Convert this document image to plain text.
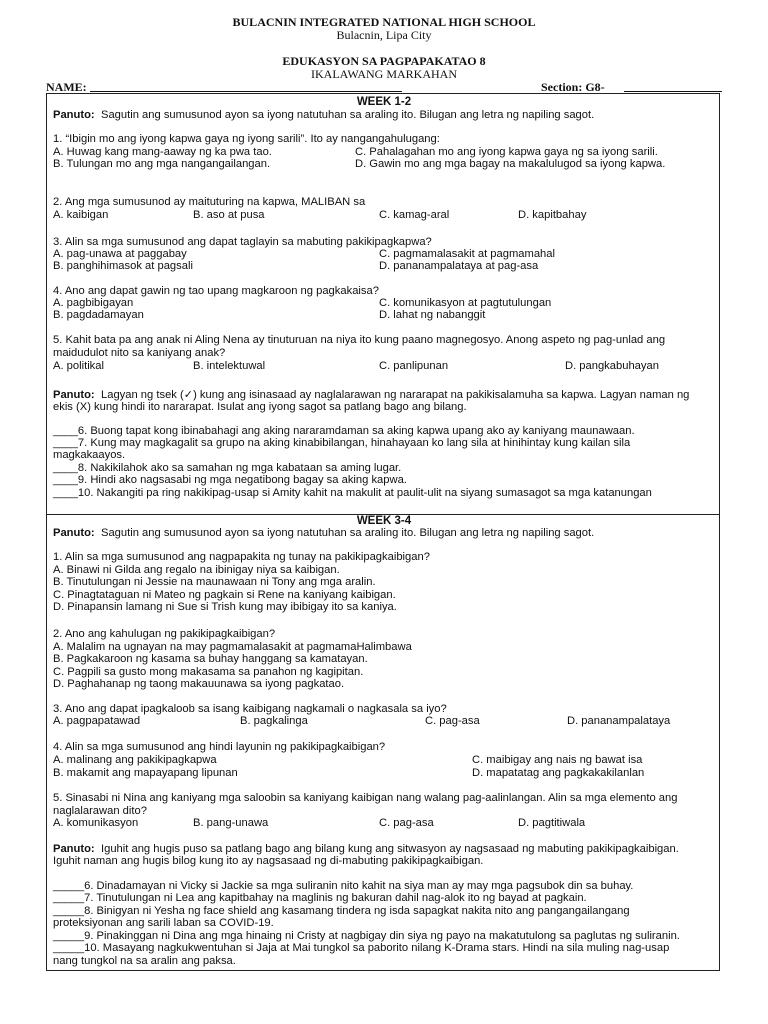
BULACNIN INTEGRATED NATIONAL HIGH SCHOOL
Bulacnin, Lipa City
EDUKASYON SA PAGPAPAKATAO 8
IKALAWANG MARKAHAN
NAME:	Section: G8-
WEEK 1-2
Panuto: Sagutin ang sumusunod ayon sa iyong natutuhan sa araling ito. Bilugan ang letra ng napiling sagot.
1. “Ibigin mo ang iyong kapwa gaya ng iyong sarili”. Ito ay nangangahulugang:
A. Huwag kang mang-aaway ng ka pwa tao.	C. Pahalagahan mo ang iyong kapwa gaya ng sa iyong sarili.
B. Tulungan mo ang mga nangangailangan.	D. Gawin mo ang mga bagay na makalulugod sa iyong kapwa.
2. Ang mga sumusunod ay maituturing na kapwa, MALIBAN sa
A. kaibigan	B. aso at pusa	C. kamag-aral	D. kapitbahay
3. Alin sa mga sumusunod ang dapat taglayin sa mabuting pakikipagkapwa?
A. pag-unawa at paggabay	C. pagmamalasakit at pagmamahal
B. panghihimasok at pagsali	D. pananampalataya at pag-asa
4. Ano ang dapat gawin ng tao upang magkaroon ng pagkakaisa?
A. pagbibigayan	C. komunikasyon at pagtutulungan
B. pagdadamayan	D. lahat ng nabanggit
5. Kahit bata pa ang anak ni Aling Nena ay tinuturuan na niya ito kung paano magnegosyo. Anong aspeto ng pag-unlad ang
maidudulot nito sa kaniyang anak?
A. politikal	B. intelektuwal	C. panlipunan	D. pangkabuhayan
Panuto: Lagyan ng tsek (✓) kung ang isinasaad ay naglalarawan ng nararapat na pakikisalamuha sa kapwa. Lagyan naman ng
ekis (X) kung hindi ito nararapat. Isulat ang iyong sagot sa patlang bago ang bilang.
____6. Buong tapat kong ibinabahagi ang aking nararamdaman sa aking kapwa upang ako ay kaniyang maunawaan.
____7. Kung may magkagalit sa grupo na aking kinabibilangan, hinahayaan ko lang sila at hinihintay kung kailan sila
magkakaayos.
____8. Nakikilahok ako sa samahan ng mga kabataan sa aming lugar.
____9. Hindi ako nagsasabi ng mga negatibong bagay sa aking kapwa.
____10. Nakangiti pa ring nakikipag-usap si Amity kahit na makulit at paulit-ulit na siyang sumasagot sa mga katanungan
WEEK 3-4
Panuto: Sagutin ang sumusunod ayon sa iyong natutuhan sa araling ito. Bilugan ang letra ng napiling sagot.
1. Alin sa mga sumusunod ang nagpapakita ng tunay na pakikipagkaibigan?
A. Binawi ni Gilda ang regalo na ibinigay niya sa kaibigan.
B. Tinutulungan ni Jessie na maunawaan ni Tony ang mga aralin.
C. Pinagtataguan ni Mateo ng pagkain si Rene na kaniyang kaibigan.
D. Pinapansin lamang ni Sue si Trish kung may ibibigay ito sa kaniya.
2. Ano ang kahulugan ng pakikipagkaibigan?
A. Malalim na ugnayan na may pagmamalasakit at pagmamaHalimbawa
B. Pagkakaroon ng kasama sa buhay hanggang sa kamatayan.
C. Pagpili sa gusto mong makasama sa panahon ng kagipitan.
D. Paghahanap ng taong makauunawa sa iyong pagkatao.
3. Ano ang dapat ipagkaloob sa isang kaibigang nagkamali o nagkasala sa iyo?
A. pagpapatawad	B. pagkalinga	C. pag-asa	D. pananampalataya
4. Alin sa mga sumusunod ang hindi layunin ng pakikipagkaibigan?
A. malinang ang pakikipagkapwa	C. maibigay ang nais ng bawat isa
B. makamit ang mapayapang lipunan	D. mapatatag ang pagkakakilanlan
5. Sinasabi ni Nina ang kaniyang mga saloobin sa kaniyang kaibigan nang walang pag-aalinlangan. Alin sa mga elemento ang
naglalarawan dito?
A. komunikasyon	B. pang-unawa	C. pag-asa	D. pagtitiwala
Panuto: Iguhit ang hugis puso sa patlang bago ang bilang kung ang sitwasyon ay nagsasaad ng mabuting pakikipagkaibigan.
Iguhit naman ang hugis bilog kung ito ay nagsasaad ng di-mabuting pakikipagkaibigan.
_____6. Dinadamayan ni Vicky si Jackie sa mga suliranin nito kahit na siya man ay may mga pagsubok din sa buhay.
_____7. Tinutulungan ni Lea ang kapitbahay na maglinis ng bakuran dahil nag-alok ito ng bayad at pagkain.
_____8. Binigyan ni Yesha ng face shield ang kasamang tindera ng isda sapagkat nakita nito ang pangangailangang
proteksiyonan ang sarili laban sa COVID-19.
_____9. Pinakinggan ni Dina ang mga hinaing ni Cristy at nagbigay din siya ng payo na makatutulong sa paglutas ng suliranin.
_____10. Masayang nagkukwentuhan si Jaja at Mai tungkol sa paborito nilang K-Drama stars. Hindi na sila muling nag-usap
nang tungkol na sa aralin ang paksa.
